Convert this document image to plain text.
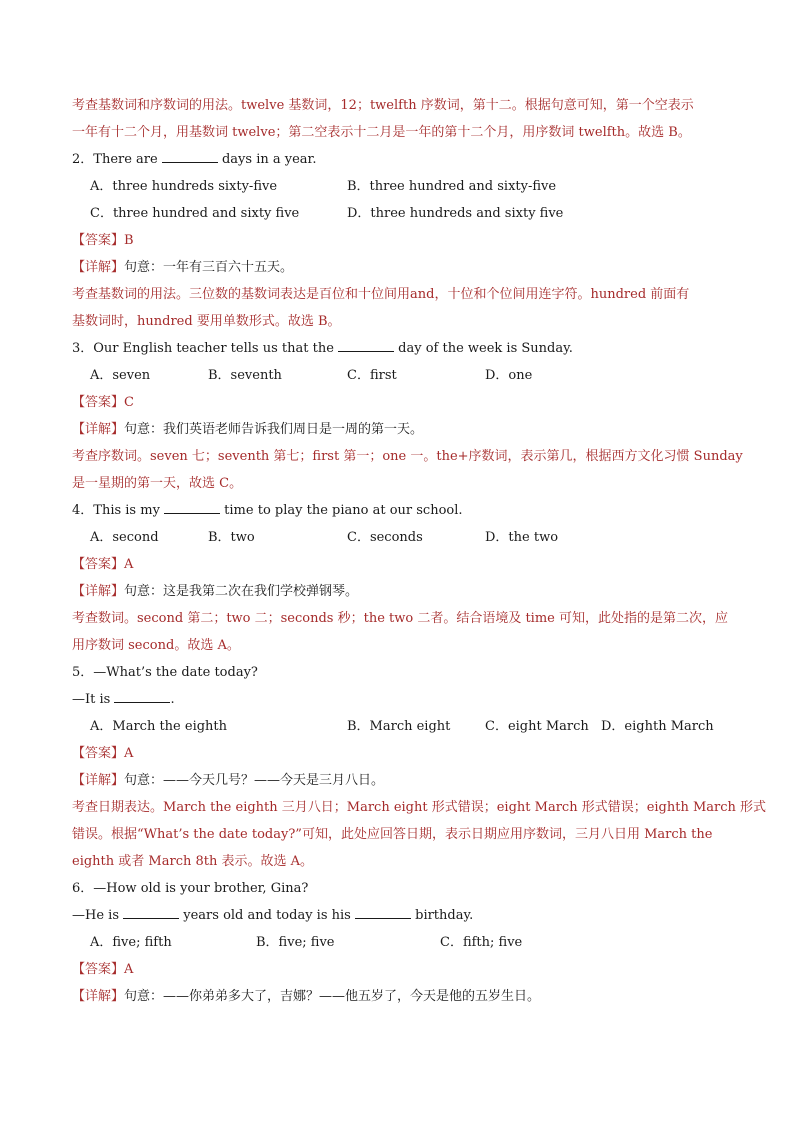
考查基数词和序数词的用法。twelve 基数词，12；twelfth 序数词，第十二。根据句意可知，第一个空表示
一年有十二个月，用基数词 twelve；第二空表示十二月是一年的第十二个月，用序数词 twelfth。故选 B。
2．There are	days in a year.
A．three hundreds sixty-five	B．three hundred and sixty-five
C．three hundred and sixty five	D．three hundreds and sixty five
【答案】B
【详解】句意：一年有三百六十五天。
考查基数词的用法。三位数的基数词表达是百位和十位间用and，十位和个位间用连字符。hundred 前面有
基数词时，hundred 要用单数形式。故选 B。
3．Our English teacher tells us that the	day of the week is Sunday.
A．seven	B．seventh	C．first	D．one
【答案】C
【详解】句意：我们英语老师告诉我们周日是一周的第一天。
考查序数词。seven 七；seventh 第七；first 第一；one 一。the+序数词，表示第几，根据西方文化习惯 Sunday
是一星期的第一天，故选 C。
4．This is my	time to play the piano at our school.
A．second	B．two	C．seconds	D．the two
【答案】A
【详解】句意：这是我第二次在我们学校弹钢琴。
考查数词。second 第二；two 二；seconds 秒；the two 二者。结合语境及 time 可知，此处指的是第二次，应
用序数词 second。故选 A。
5．—What’s the date today?
—It is	.
A．March the eighth	B．March eight	C．eight March D．eighth March
【答案】A
【详解】句意：——今天几号？——今天是三月八日。
考查日期表达。March the eighth 三月八日；March eight 形式错误；eight March 形式错误；eighth March 形式
错误。根据“What’s the date today?”可知，此处应回答日期，表示日期应用序数词，三月八日用 March the
eighth 或者 March 8th 表示。故选 A。
6．—How old is your brother, Gina?
—He is	years old and today is his	birthday.
A．five; fifth	B．five; five	C．fifth; five
【答案】A
【详解】句意：——你弟弟多大了，吉娜？——他五岁了，今天是他的五岁生日。
